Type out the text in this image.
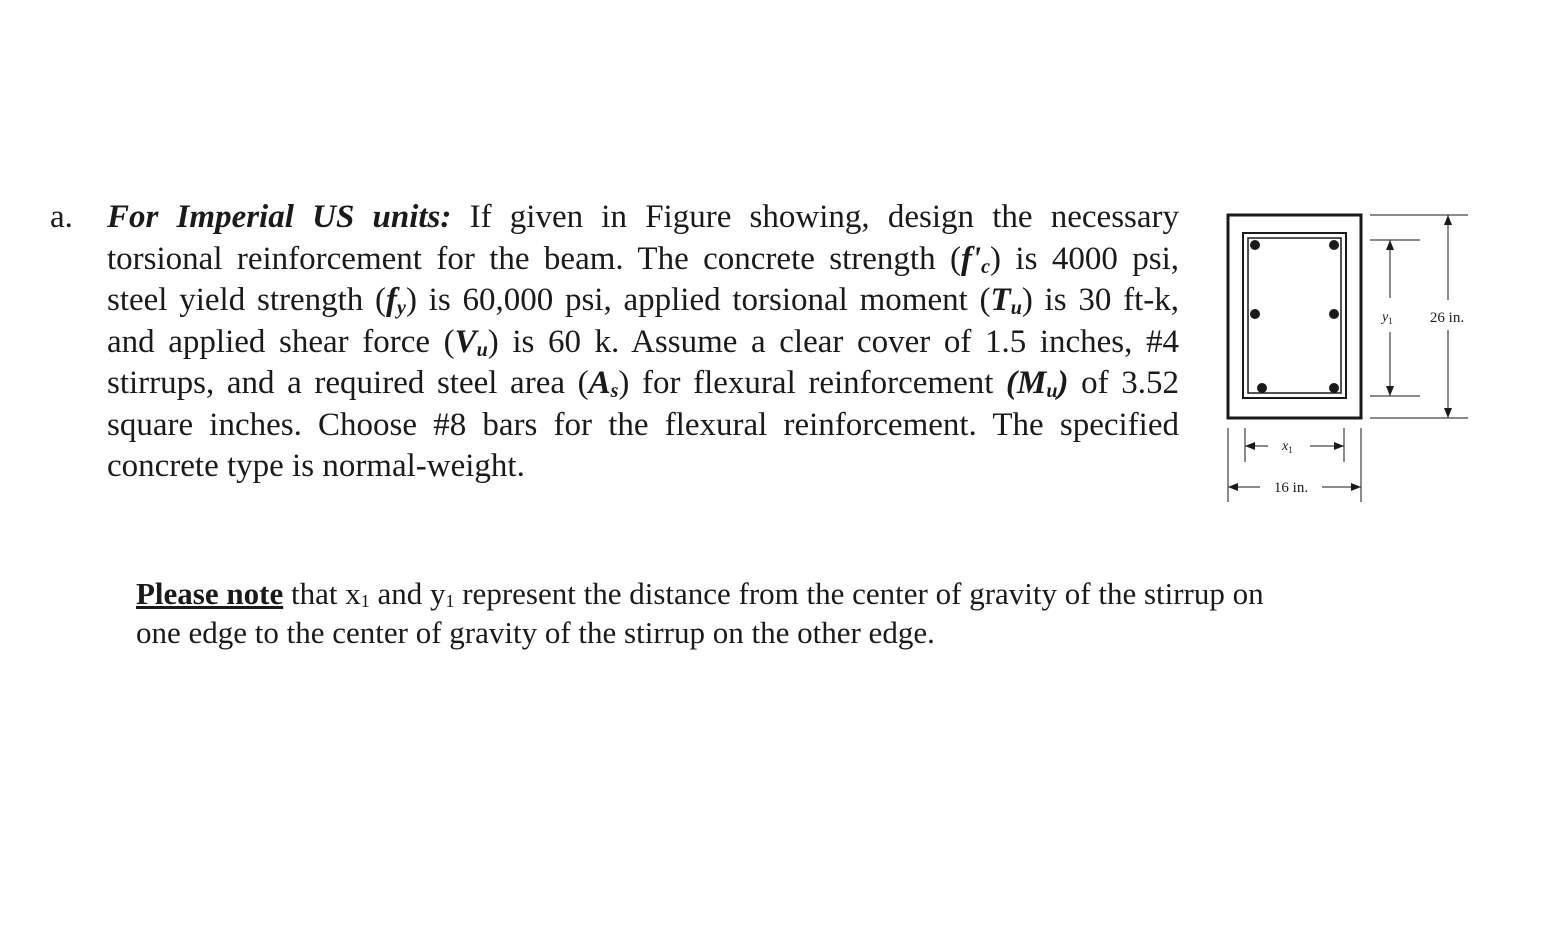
a. For Imperial US units: If given in Figure showing, design the necessary torsional reinforcement for the beam. The concrete strength $(f'_c)$ is 4000 psi, steel yield strength $(f_y)$ is 60,000 psi, applied torsional moment $(T_u)$ is 30 ft-k, and applied shear force $(V_u)$ is 60 k. Assume a clear cover of 1.5 inches, #4 stirrups, and a required steel area $(A_s)$ for flexural reinforcement $(M_u)$ of 3.52 square inches. Choose #8 bars for the flexural reinforcement. The specified concrete type is normal-weight.
$y_1$ 26 in.
$x_1$
16 in.
Please note that $x_1$ and $y_1$ represent the distance from the center of gravity of the stirrup on one edge to the center of gravity of the stirrup on the other edge.
